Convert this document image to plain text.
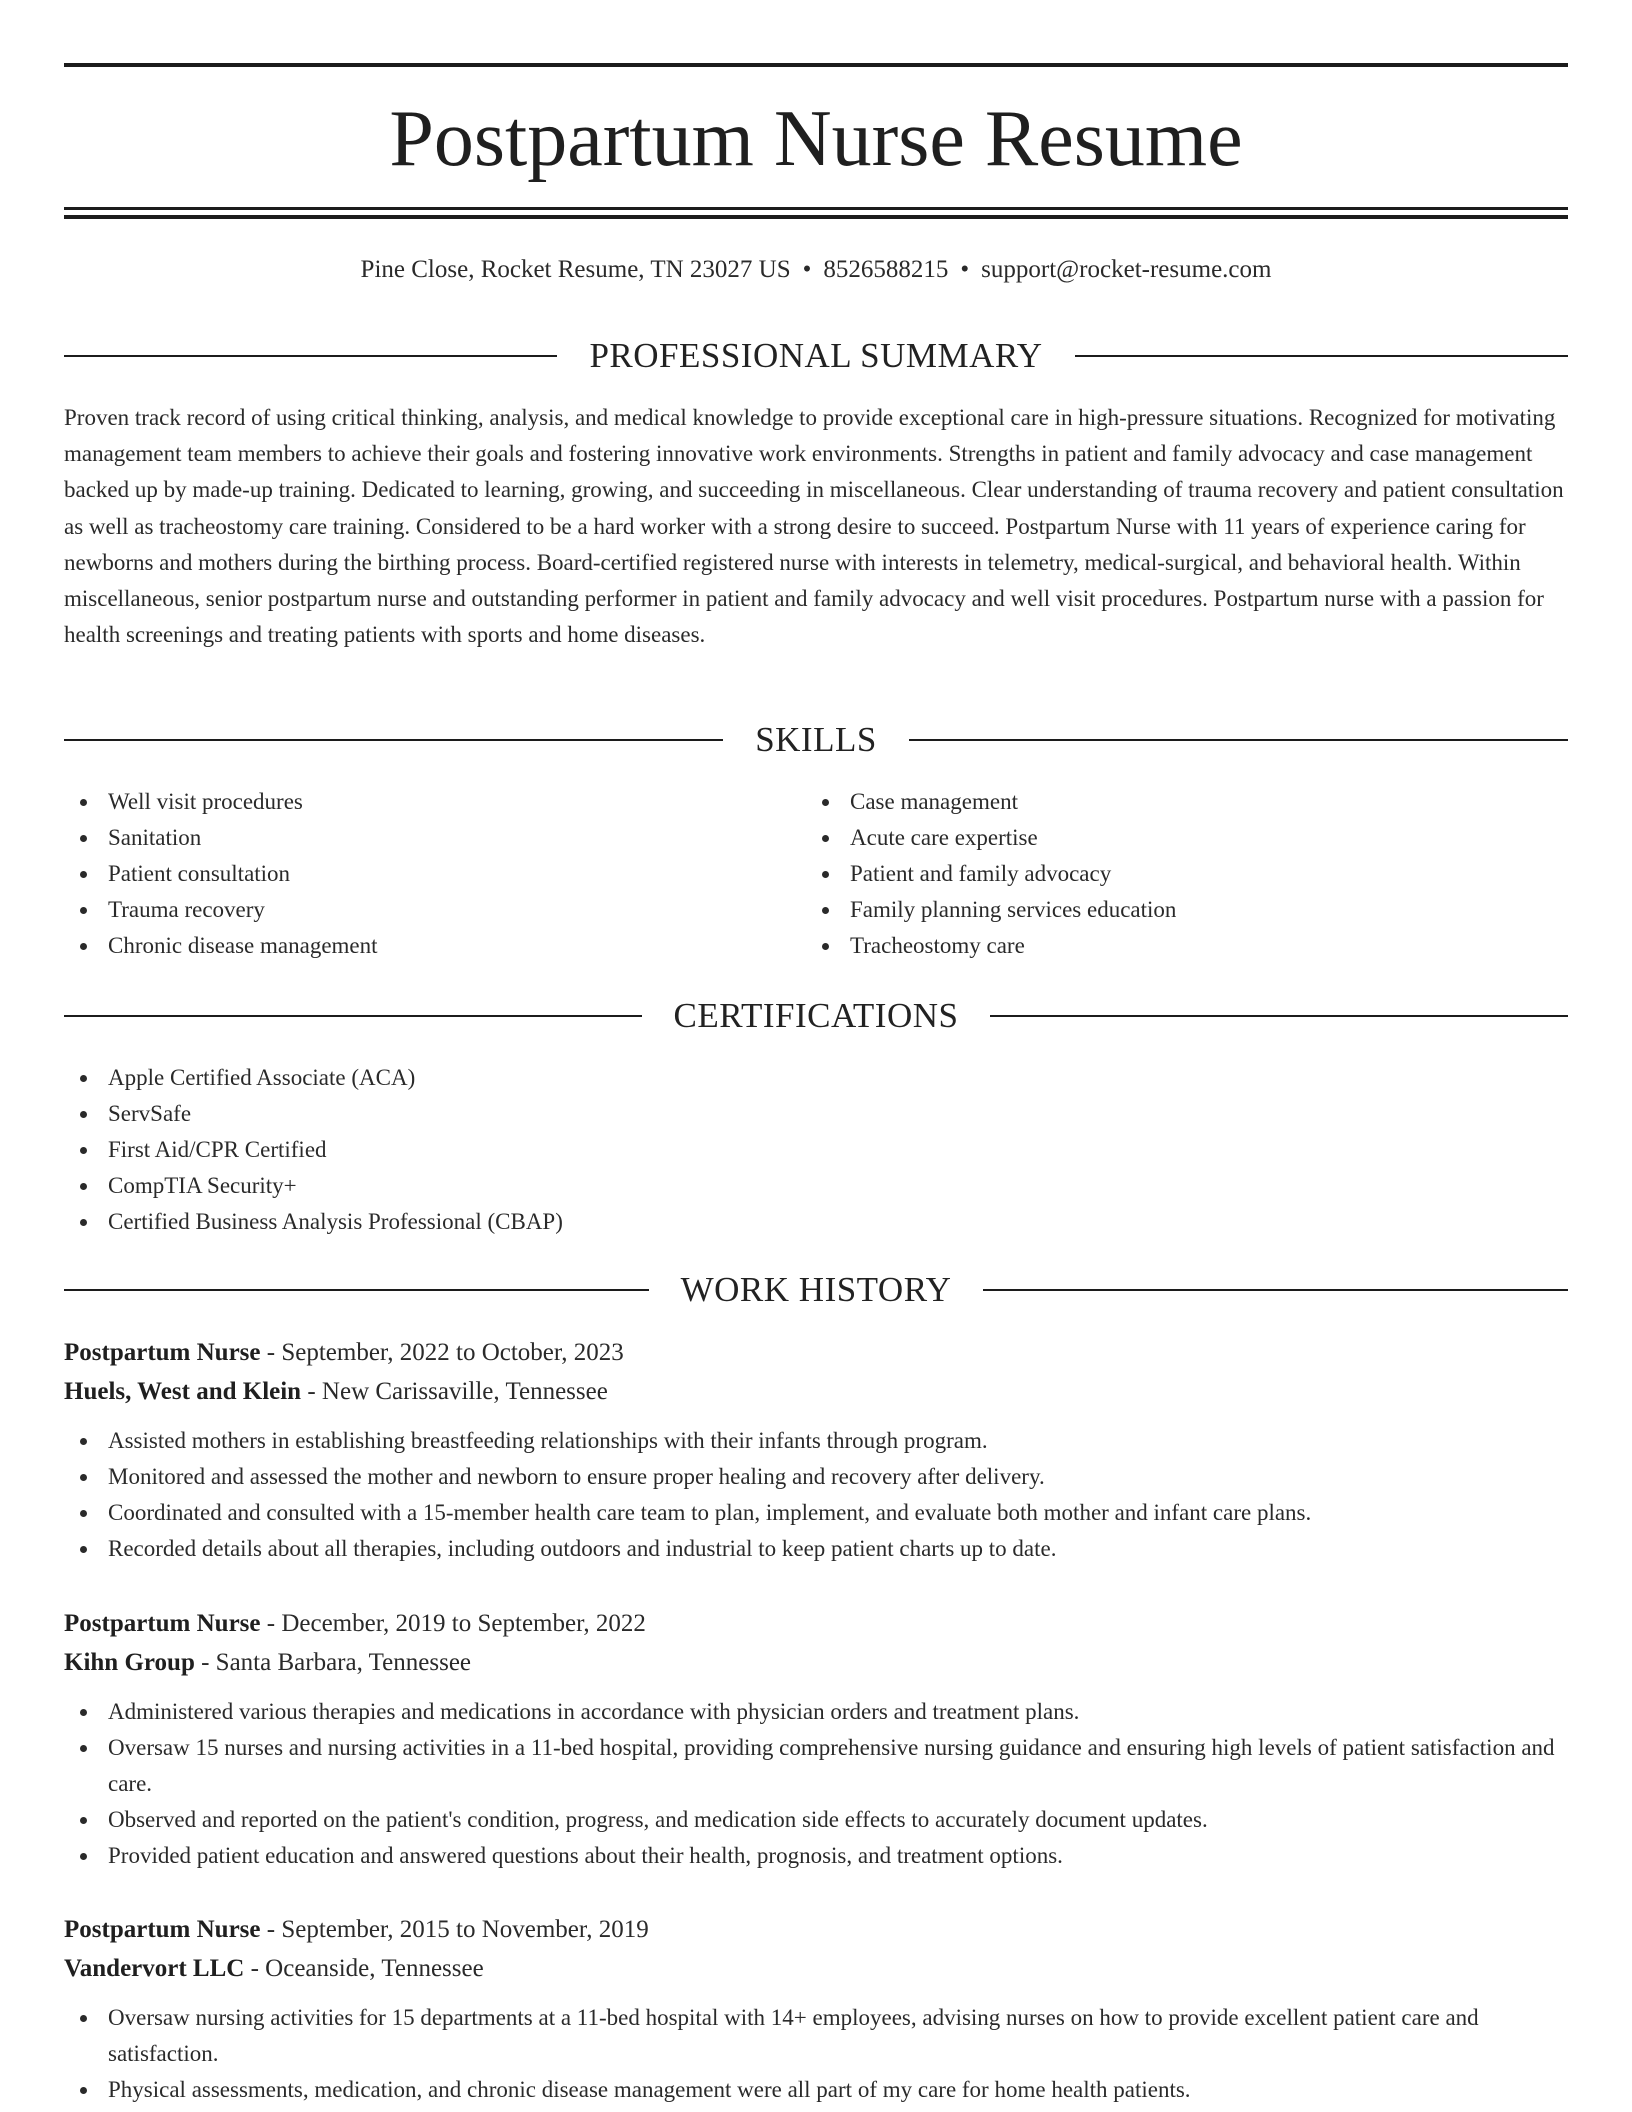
Postpartum Nurse Resume
Pine Close, Rocket Resume, TN 23027 US • 8526588215 • support@rocket-resume.com
PROFESSIONAL SUMMARY

Proven track record of using critical thinking, analysis, and medical knowledge to provide exceptional care in high-pressure situations. Recognized for motivating management team members to achieve their goals and fostering innovative work environments. Strengths in patient and family advocacy and case management backed up by made-up training. Dedicated to learning, growing, and succeeding in miscellaneous. Clear understanding of trauma recovery and patient consultation as well as tracheostomy care training. Considered to be a hard worker with a strong desire to succeed. Postpartum Nurse with 11 years of experience caring for newborns and mothers during the birthing process. Board-certified registered nurse with interests in telemetry, medical-surgical, and behavioral health. Within miscellaneous, senior postpartum nurse and outstanding performer in patient and family advocacy and well visit procedures. Postpartum nurse with a passion for health screenings and treating patients with sports and home diseases.

SKILLS
Well visit procedures
Sanitation
Patient consultation
Trauma recovery
Chronic disease management
Case management
Acute care expertise
Patient and family advocacy
Family planning services education
Tracheostomy care
CERTIFICATIONS
Apple Certified Associate (ACA)
ServSafe
First Aid/CPR Certified
CompTIA Security+
Certified Business Analysis Professional (CBAP)
WORK HISTORY

Postpartum Nurse - September, 2022 to October, 2023

Huels, West and Klein - New Carissaville, Tennessee

Assisted mothers in establishing breastfeeding relationships with their infants through program.
Monitored and assessed the mother and newborn to ensure proper healing and recovery after delivery.
Coordinated and consulted with a 15-member health care team to plan, implement, and evaluate both mother and infant care plans.
Recorded details about all therapies, including outdoors and industrial to keep patient charts up to date.

Postpartum Nurse - December, 2019 to September, 2022

Kihn Group - Santa Barbara, Tennessee

Administered various therapies and medications in accordance with physician orders and treatment plans.
Oversaw 15 nurses and nursing activities in a 11-bed hospital, providing comprehensive nursing guidance and ensuring high levels of patient satisfaction and care.
Observed and reported on the patient's condition, progress, and medication side effects to accurately document updates.
Provided patient education and answered questions about their health, prognosis, and treatment options.

Postpartum Nurse - September, 2015 to November, 2019

Vandervort LLC - Oceanside, Tennessee

Oversaw nursing activities for 15 departments at a 11-bed hospital with 14+ employees, advising nurses on how to provide excellent patient care and satisfaction.
Physical assessments, medication, and chronic disease management were all part of my care for home health patients.
